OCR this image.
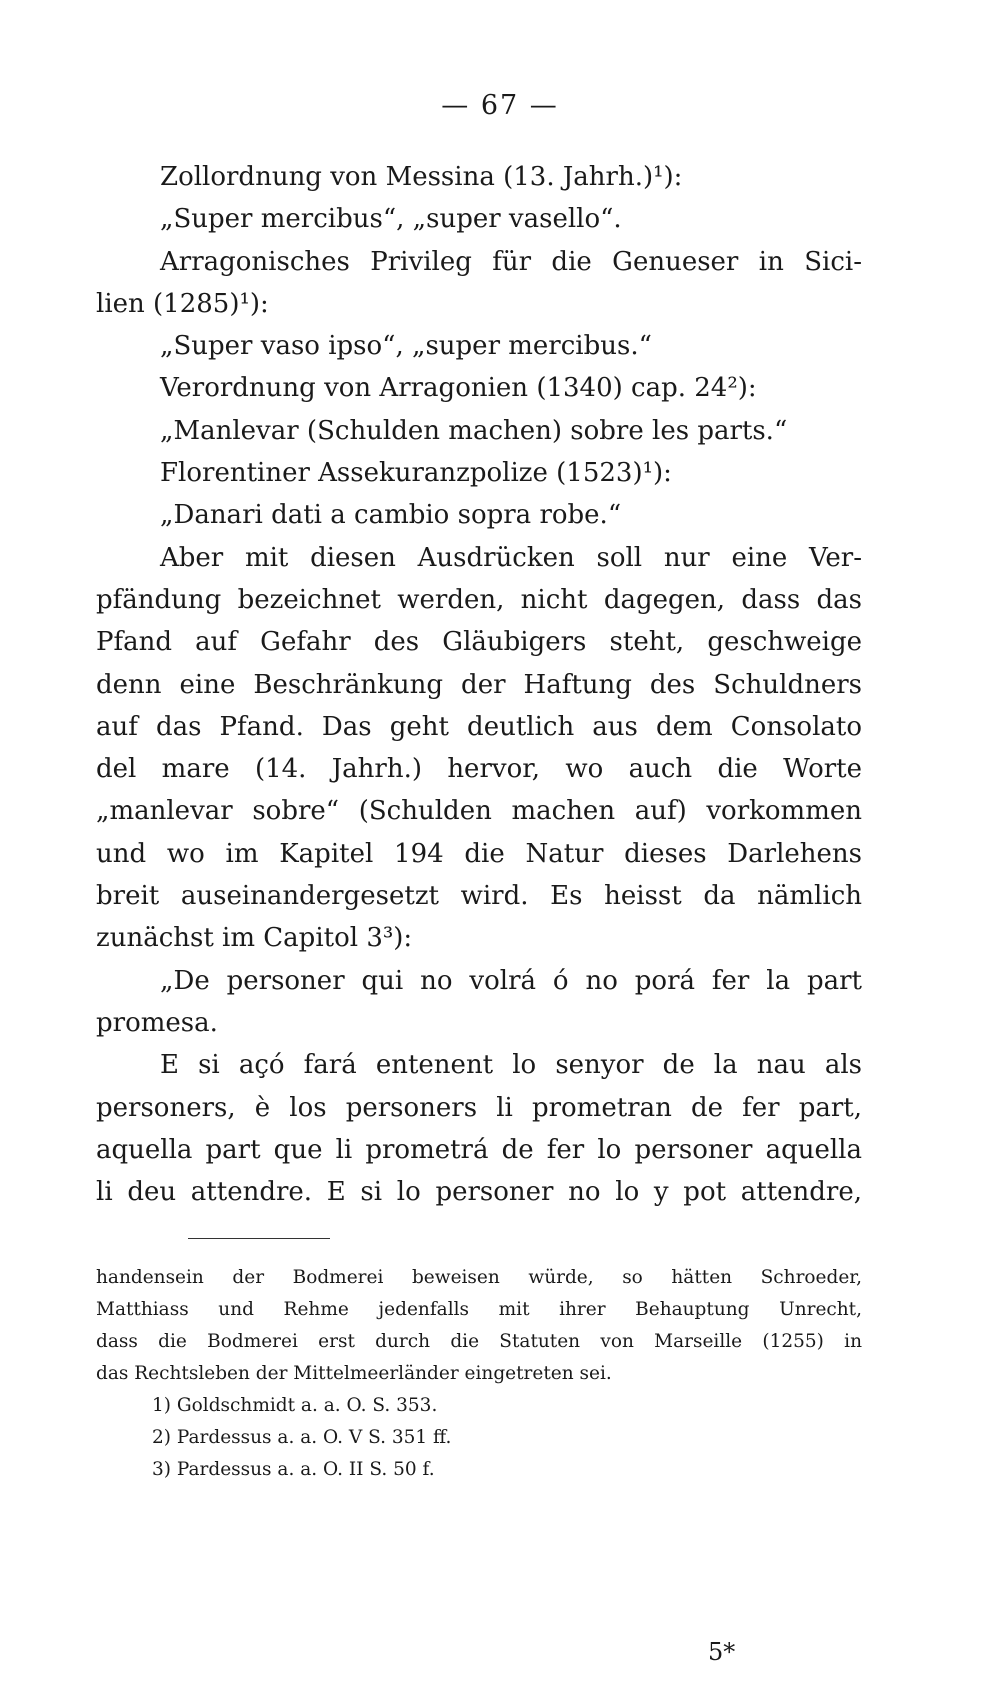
— 67 —
Zollordnung von Messina (13. Jahrh.)¹):
„Super mercibus“, „super vasello“.
Arragonisches Privileg für die Genueser in Sici-
lien (1285)¹):
„Super vaso ipso“, „super mercibus.“
Verordnung von Arragonien (1340) cap. 24²):
„Manlevar (Schulden machen) sobre les parts.“
Florentiner Assekuranzpolize (1523)¹):
„Danari dati a cambio sopra robe.“
Aber mit diesen Ausdrücken soll nur eine Ver-
pfändung bezeichnet werden, nicht dagegen, dass das
Pfand auf Gefahr des Gläubigers steht, geschweige
denn eine Beschränkung der Haftung des Schuldners
auf das Pfand. Das geht deutlich aus dem Consolato
del mare (14. Jahrh.) hervor, wo auch die Worte
„manlevar sobre“ (Schulden machen auf) vorkommen
und wo im Kapitel 194 die Natur dieses Darlehens
breit auseinandergesetzt wird. Es heisst da nämlich
zunächst im Capitol 3³):
„De personer qui no volrá ó no porá fer la part
promesa.
E si açó fará entenent lo senyor de la nau als
personers, è los personers li prometran de fer part,
aquella part que li prometrá de fer lo personer aquella
li deu attendre. E si lo personer no lo y pot attendre,
handensein der Bodmerei beweisen würde, so hätten Schroeder,
Matthiass und Rehme jedenfalls mit ihrer Behauptung Unrecht,
dass die Bodmerei erst durch die Statuten von Marseille (1255) in
das Rechtsleben der Mittelmeerländer eingetreten sei.
1) Goldschmidt a. a. O. S. 353.
2) Pardessus a. a. O. V S. 351 ff.
3) Pardessus a. a. O. II S. 50 f.
5*
